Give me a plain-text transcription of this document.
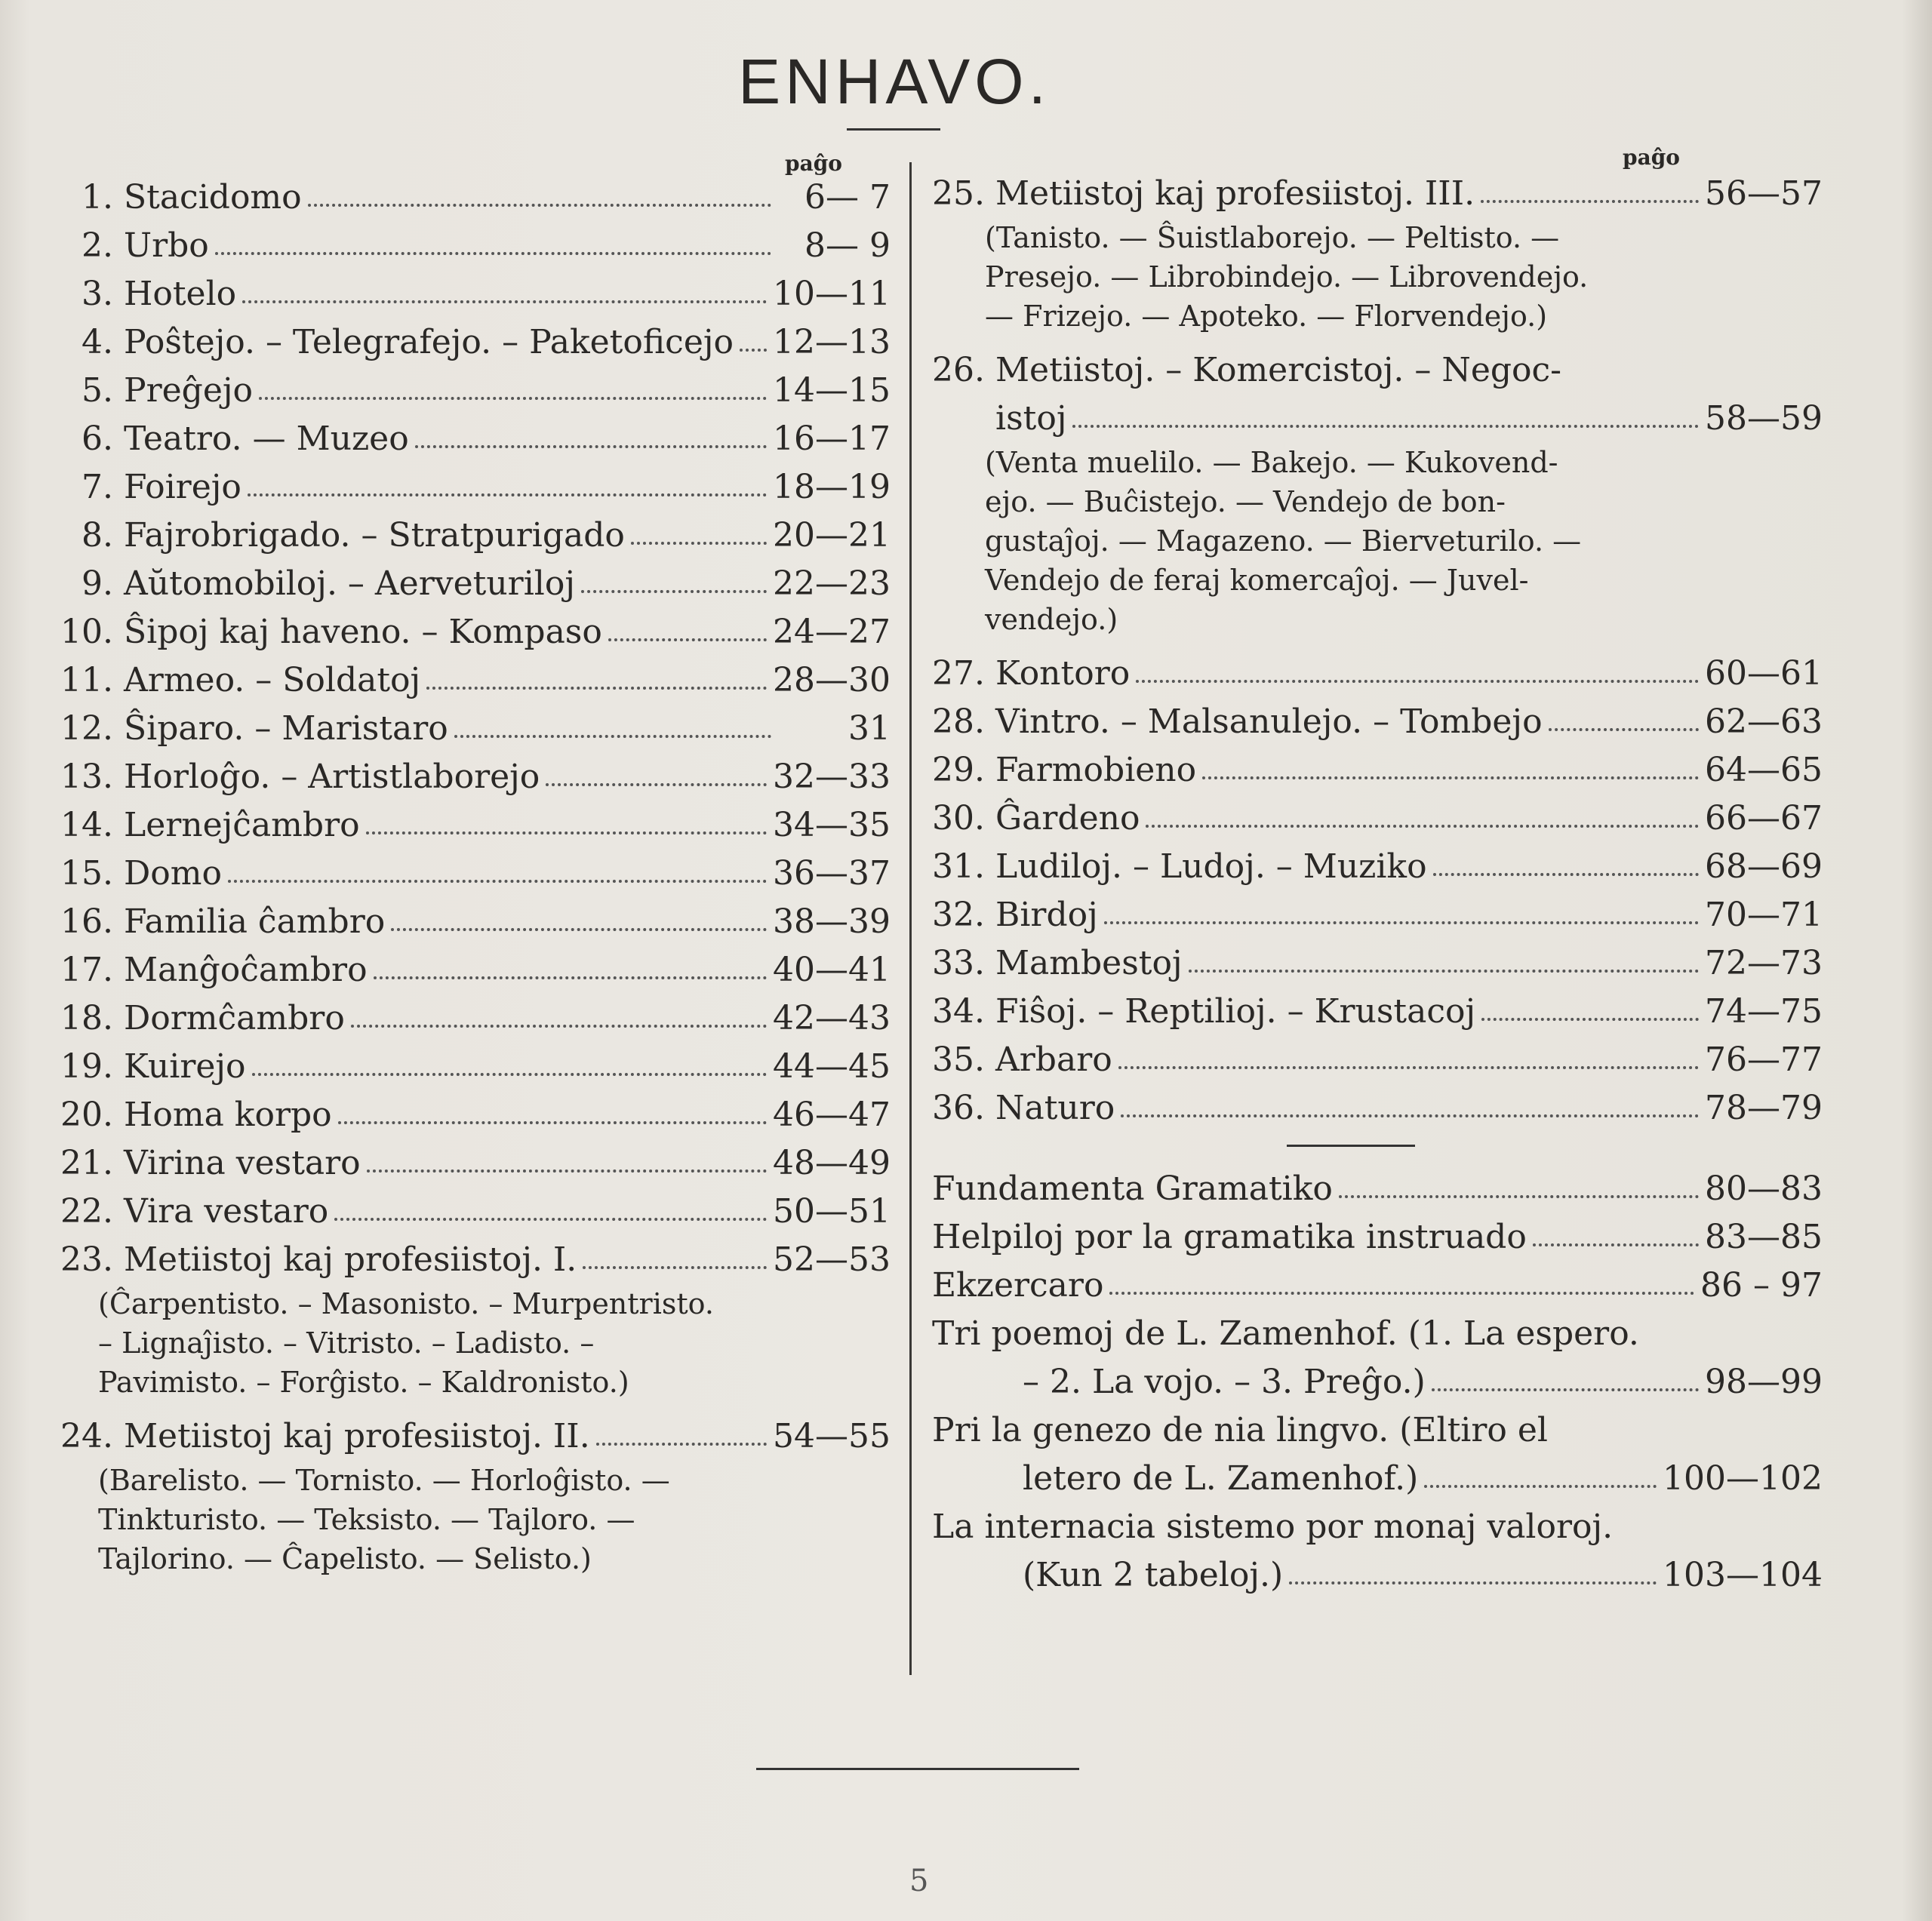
ENHAVO.
paĝo	paĝo
1. Stacidomo	6— 7
2. Urbo	8— 9
3. Hotelo	10—11
4. Poŝtejo. – Telegrafejo. – Paketoficejo 12—13
5. Preĝejo	14—15
6. Teatro. — Muzeo	16—17
7. Foirejo	18—19
8. Fajrobrigado. – Stratpurigado	20—21
9. Aŭtomobiloj. – Aerveturiloj	22—23
10. Ŝipoj kaj haveno. – Kompaso	24—27
11. Armeo. – Soldatoj	28—30
12. Ŝiparo. – Maristaro	31
13. Horloĝo. – Artistlaborejo	32—33
14. Lernejĉambro	34—35
15. Domo	36—37
16. Familia ĉambro	38—39
17. Manĝoĉambro	40—41
18. Dormĉambro	42—43
19. Kuirejo	44—45
20. Homa korpo	46—47
21. Virina vestaro	48—49
22. Vira vestaro	50—51
23. Metiistoj kaj profesiistoj. I.	52—53
(Ĉarpentisto. – Masonisto. – Murpentristo.
– Lignaĵisto. – Vitristo. – Ladisto. –
Pavimisto. – Forĝisto. – Kaldronisto.)
24. Metiistoj kaj profesiistoj. II.	54—55
(Barelisto. — Tornisto. — Horloĝisto. —
Tinkturisto. — Teksisto. — Tajloro. —
Tajlorino. — Ĉapelisto. — Selisto.)
25. Metiistoj kaj profesiistoj. III.	56—57
(Tanisto. — Ŝuistlaborejo. — Peltisto. —
Presejo. — Librobindejo. — Librovendejo.
— Frizejo. — Apoteko. — Florvendejo.)
26. Metiistoj. – Komercistoj. – Negoc-
istoj	58—59
(Venta muelilo. — Bakejo. — Kukovend-
ejo. — Buĉistejo. — Vendejo de bon-
gustaĵoj. — Magazeno. — Bierveturilo. —
Vendejo de feraj komercaĵoj. — Juvel-
vendejo.)
27. Kontoro	60—61
28. Vintro. – Malsanulejo. – Tombejo	62—63
29. Farmobieno	64—65
30. Ĝardeno	66—67
31. Ludiloj. – Ludoj. – Muziko	68—69
32. Birdoj	70—71
33. Mambestoj	72—73
34. Fiŝoj. – Reptilioj. – Krustacoj	74—75
35. Arbaro	76—77
36. Naturo	78—79
Fundamenta Gramatiko	80—83
Helpiloj por la gramatika instruado	83—85
Ekzercaro	86 – 97
Tri poemoj de L. Zamenhof. (1. La espero.
– 2. La vojo. – 3. Preĝo.)	98—99
Pri la genezo de nia lingvo. (Eltiro el
letero de L. Zamenhof.)	100—102
La internacia sistemo por monaj valoroj.
(Kun 2 tabeloj.)	103—104
5
